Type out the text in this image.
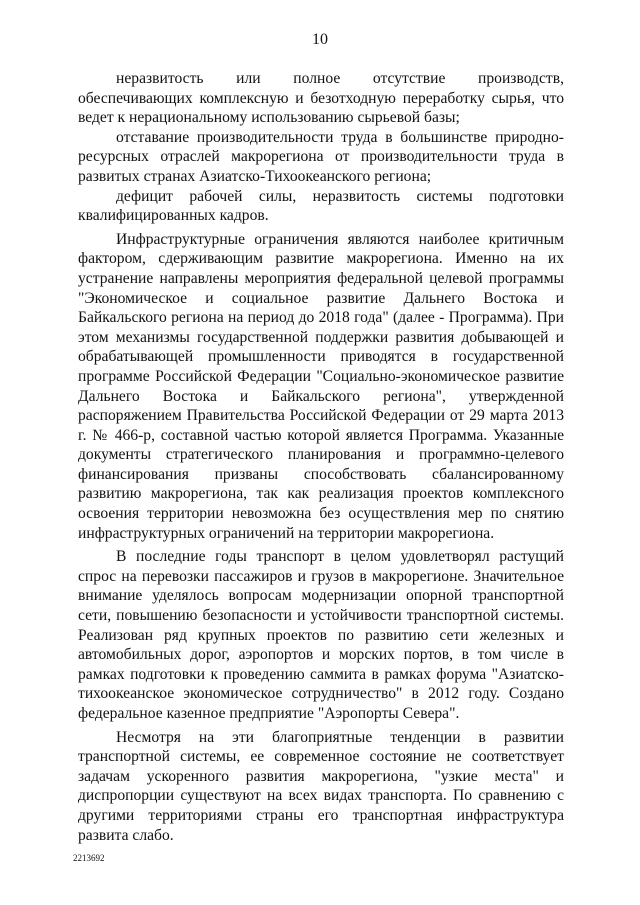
10

неразвитость или полное отсутствие производств, обеспечивающих комплексную и безотходную переработку сырья, что ведет к нерациональному использованию сырьевой базы;

отставание производительности труда в большинстве природно-ресурсных отраслей макрорегиона от производительности труда в развитых странах Азиатско-Тихоокеанского региона;

дефицит рабочей силы, неразвитость системы подготовки квалифицированных кадров.

Инфраструктурные ограничения являются наиболее критичным фактором, сдерживающим развитие макрорегиона. Именно на их устранение направлены мероприятия федеральной целевой программы "Экономическое и социальное развитие Дальнего Востока и Байкальского региона на период до 2018 года" (далее - Программа). При этом механизмы государственной поддержки развития добывающей и обрабатывающей промышленности приводятся в государственной программе Российской Федерации "Социально-экономическое развитие Дальнего Востока и Байкальского региона", утвержденной распоряжением Правительства Российской Федерации от 29 марта 2013 г. № 466-р, составной частью которой является Программа. Указанные документы стратегического планирования и программно-целевого финансирования призваны способствовать сбалансированному развитию макрорегиона, так как реализация проектов комплексного освоения территории невозможна без осуществления мер по снятию инфраструктурных ограничений на территории макрорегиона.

В последние годы транспорт в целом удовлетворял растущий спрос на перевозки пассажиров и грузов в макрорегионе. Значительное внимание уделялось вопросам модернизации опорной транспортной сети, повышению безопасности и устойчивости транспортной системы. Реализован ряд крупных проектов по развитию сети железных и автомобильных дорог, аэропортов и морских портов, в том числе в рамках подготовки к проведению саммита в рамках форума "Азиатско-тихоокеанское экономическое сотрудничество" в 2012 году. Создано федеральное казенное предприятие "Аэропорты Севера".

Несмотря на эти благоприятные тенденции в развитии транспортной системы, ее современное состояние не соответствует задачам ускоренного развития макрорегиона, "узкие места" и диспропорции существуют на всех видах транспорта. По сравнению с другими территориями страны его транспортная инфраструктура развита слабо.

2213692
